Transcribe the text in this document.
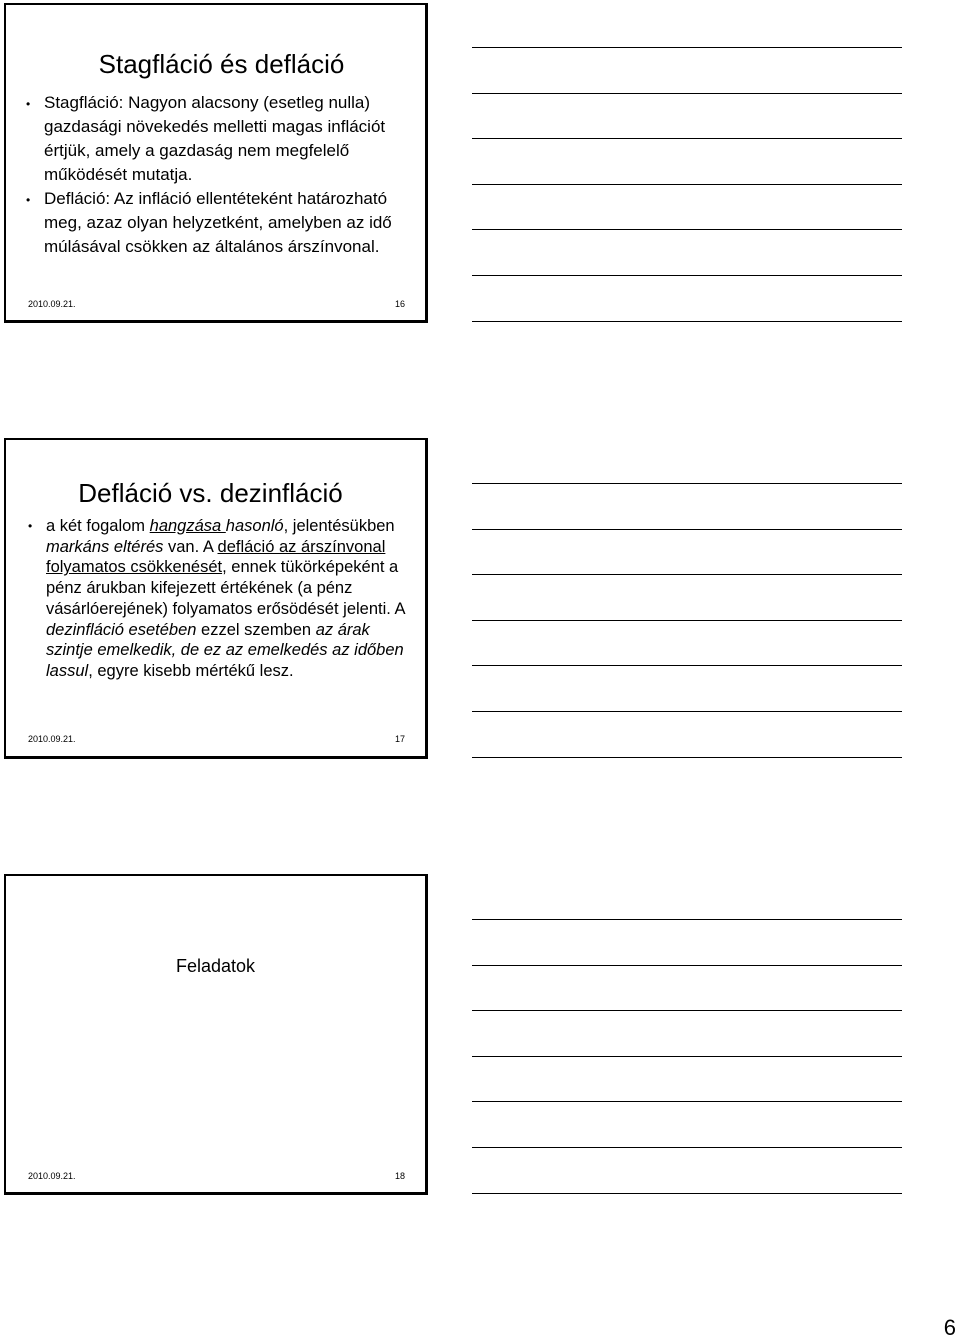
Stagfláció és defláció
• Stagfláció: Nagyon alacsony (esetleg nulla) gazdasági növekedés melletti magas inflációt értjük, amely a gazdaság nem megfelelő működését mutatja.
• Defláció: Az infláció ellentéteként határozható meg, azaz olyan helyzetként, amelyben az idő múlásával csökken az általános árszínvonal.
2010.09.21.	16
Defláció vs. dezinfláció
• a két fogalom hangzása hasonló, jelentésükben markáns eltérés van. A defláció az árszínvonal folyamatos csökkenését, ennek tükörképeként a pénz árukban kifejezett értékének (a pénz vásárlóerejének) folyamatos erősödését jelenti. A dezinfláció esetében ezzel szemben az árak szintje emelkedik, de ez az emelkedés az időben lassul, egyre kisebb mértékű lesz.
2010.09.21.	17
Feladatok
2010.09.21.	18
6
